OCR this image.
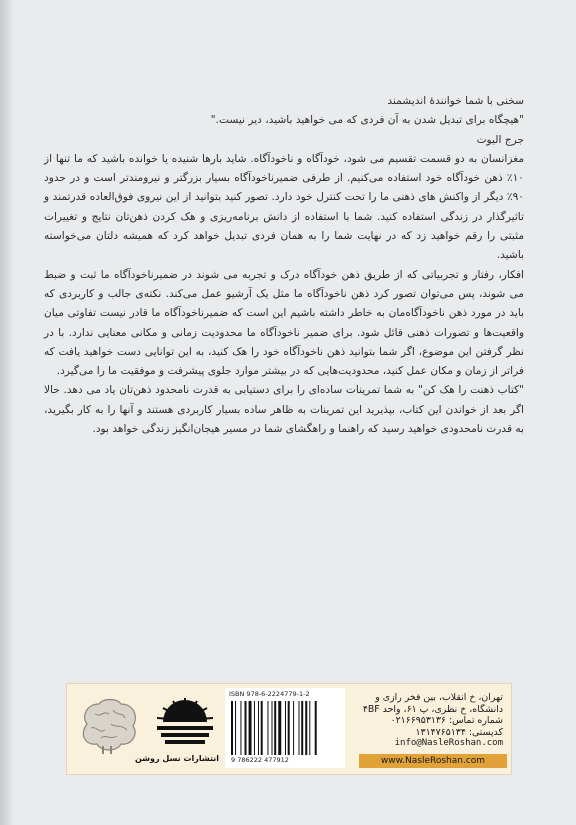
سخنی با شما خوانندهٔ اندیشمند

"هیچگاه برای تبدیل شدن به آن فردی که می خواهید باشید، دیر نیست."

جرج الیوت

مغزانسان به دو قسمت تقسیم می شود، خودآگاه و ناخودآگاه. شاید بارها شنیده یا خوانده باشید که ما تنها از ۱۰٪ ذهن خودآگاه خود استفاده می‌کنیم. از طرفی ضمیرناخودآگاه بسیار بزرگتر و نیرومندتر است و در حدود ۹۰٪ دیگر از واکنش های ذهنی ما را تحت کنترل خود دارد. تصور کنید بتوانید از این نیروی فوق‌العاده قدرتمند و تاثیرگذار در زندگی استفاده کنید. شما با استفاده از دانش برنامه‌ریزی و هک کردن ذهن‌تان نتایج و تغییرات مثبتی را رقم خواهید زد که در نهایت شما را به همان فردی تبدیل خواهد کرد که همیشه دلتان می‌خواسته باشید.

افکار، رفتار و تجربیاتی که از طریق ذهن خودآگاه درک و تجربه می شوند در ضمیرناخودآگاه ما ثبت و ضبط می شوند، پس می‌توان تصور کرد ذهن ناخودآگاه ما مثل یک آرشیو عمل می‌کند. نکته‌ی جالب و کاربردی که باید در مورد ذهن ناخودآگاه‌مان به خاطر داشته باشیم این است که ضمیرناخودآگاه ما قادر نیست تفاوتی میان واقعیت‌ها و تصورات ذهنی قائل شود. برای ضمیر ناخودآگاه ما محدودیت زمانی و مکانی معنایی ندارد. با در نظر گرفتن این موضوع، اگر شما بتوانید ذهن ناخودآگاه خود را هک کنید، به این توانایی دست خواهید یافت که فراتر از زمان و مکان عمل کنید، محدودیت‌هایی که در بیشتر موارد جلوی پیشرفت و موفقیت ما را می‌گیرد.

"کتاب ذهنت را هک کن" به شما تمرینات ساده‌ای را برای دستیابی به قدرت نامحدود ذهن‌تان یاد می دهد. حالا اگر بعد از خواندن این کتاب، بپذیرید این تمرینات به ظاهر ساده بسیار کاربردی هستند و آنها را به کار بگیرید، به قدرت نامحدودی خواهید رسید که راهنما و راهگشای شما در مسیر هیجان‌انگیز زندگی خواهد بود.

انتشارات نسل روشن
ISBN 978-6-2224779-1-2
9 786222 477912
تهران، خ انقلاب، بین فخر رازی و
دانشگاه، خ نظری، پ ۶۱، واحد ۴BF
شماره تماس: ۰۲۱۶۶۹۵۳۱۳۶
کدپستی: ۱۳۱۴۷۶۵۱۳۴
info@NasleRoshan.com
www.NasleRoshan.com
